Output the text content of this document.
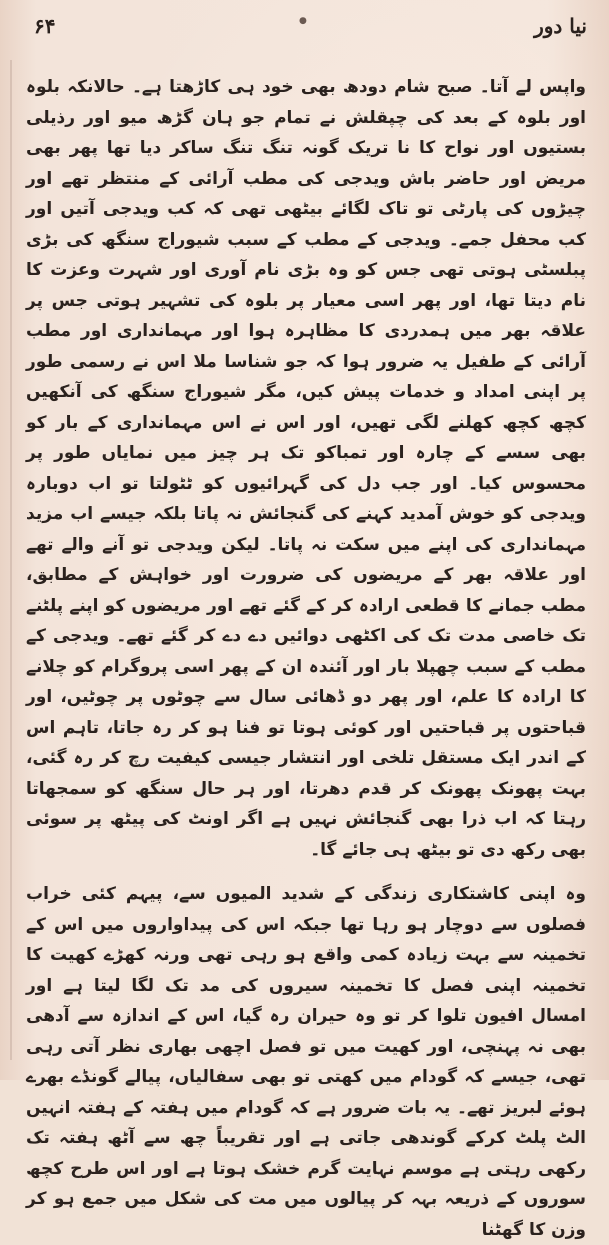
۶۴	●	نیا دور

واپس لے آتا۔ صبح شام دودھ بھی خود ہی کاڑھتا ہے۔ حالانکہ بلوہ اور بلوہ کے بعد کی چپقلش نے تمام جو ہان گڑھ میو اور رذیلی بستیوں اور نواح کا نا تریک گونہ تنگ تنگ ساکر دیا تھا پھر بھی مریض اور حاضر باش ویدجی کی مطب آرائی کے منتظر تھے اور چیڑوں کی پارٹی تو تاک لگائے بیٹھی تھی کہ کب ویدجی آتیں اور کب محفل جمے۔ ویدجی کے مطب کے سبب شیوراج سنگھ کی بڑی پبلسٹی ہوتی تھی جس کو وہ بڑی نام آوری اور شہرت وعزت کا نام دیتا تھا، اور پھر اسی معیار پر بلوہ کی تشہیر ہوتی جس پر علاقہ بھر میں ہمدردی کا مظاہرہ ہوا اور مہمانداری اور مطب آرائی کے طفیل یہ ضرور ہوا کہ جو شناسا ملا اس نے رسمی طور پر اپنی امداد و خدمات پیش کیں، مگر شیوراج سنگھ کی آنکھیں کچھ کچھ کھلنے لگی تھیں، اور اس نے اس مہمانداری کے بار کو بھی سسے کے چارہ اور تمباکو تک ہر چیز میں نمایاں طور پر محسوس کیا۔ اور جب دل کی گہرائیوں کو ٹٹولتا تو اب دوبارہ ویدجی کو خوش آمدید کہنے کی گنجائش نہ پاتا بلکہ جیسے اب مزید مہمانداری کی اپنے میں سکت نہ پاتا۔ لیکن ویدجی تو آنے والے تھے اور علاقہ بھر کے مریضوں کی ضرورت اور خواہش کے مطابق، مطب جمانے کا قطعی ارادہ کر کے گئے تھے اور مریضوں کو اپنے پلٹنے تک خاصی مدت تک کی اکٹھی دوائیں دے دے کر گئے تھے۔ ویدجی کے مطب کے سبب چھپلا بار اور آئندہ ان کے پھر اسی پروگرام کو چلانے کا ارادہ کا علم، اور پھر دو ڈھائی سال سے چوٹوں پر چوٹیں، اور قباحتوں پر قباحتیں اور کوئی ہوتا تو فنا ہو کر رہ جاتا، تاہم اس کے اندر ایک مستقل تلخی اور انتشار جیسی کیفیت رچ کر رہ گئی، بہت پھونک پھونک کر قدم دھرتا، اور ہر حال سنگھ کو سمجھاتا رہتا کہ اب ذرا بھی گنجائش نہیں ہے اگر اونٹ کی پیٹھ پر سوئی بھی رکھ دی تو بیٹھ ہی جائے گا۔

وہ اپنی کاشتکاری زندگی کے شدید المیوں سے، پیہم کئی خراب فصلوں سے دوچار ہو رہا تھا جبکہ اس کی پیداواروں میں اس کے تخمینہ سے بہت زیادہ کمی واقع ہو رہی تھی ورنہ کھڑے کھیت کا تخمینہ اپنی فصل کا تخمینہ سیروں کی مد تک لگا لیتا ہے اور امسال افیون تلوا کر تو وہ حیران رہ گیا، اس کے اندازہ سے آدھی بھی نہ پہنچی، اور کھیت میں تو فصل اچھی بھاری نظر آتی رہی تھی، جیسے کہ گودام میں کھتی تو بھی سفالیاں، پیالے گونڈے بھرے ہوئے لبریز تھے۔ یہ بات ضرور ہے کہ گودام میں ہفتہ کے ہفتہ انہیں الٹ پلٹ کرکے گوندھی جاتی ہے اور تقریباً چھ سے آٹھ ہفتہ تک رکھی رہتی ہے موسم نہایت گرم خشک ہوتا ہے اور اس طرح کچھ سوروں کے ذریعہ بہہ کر پیالوں میں مت کی شکل میں جمع ہو کر وزن کا گھٹنا
